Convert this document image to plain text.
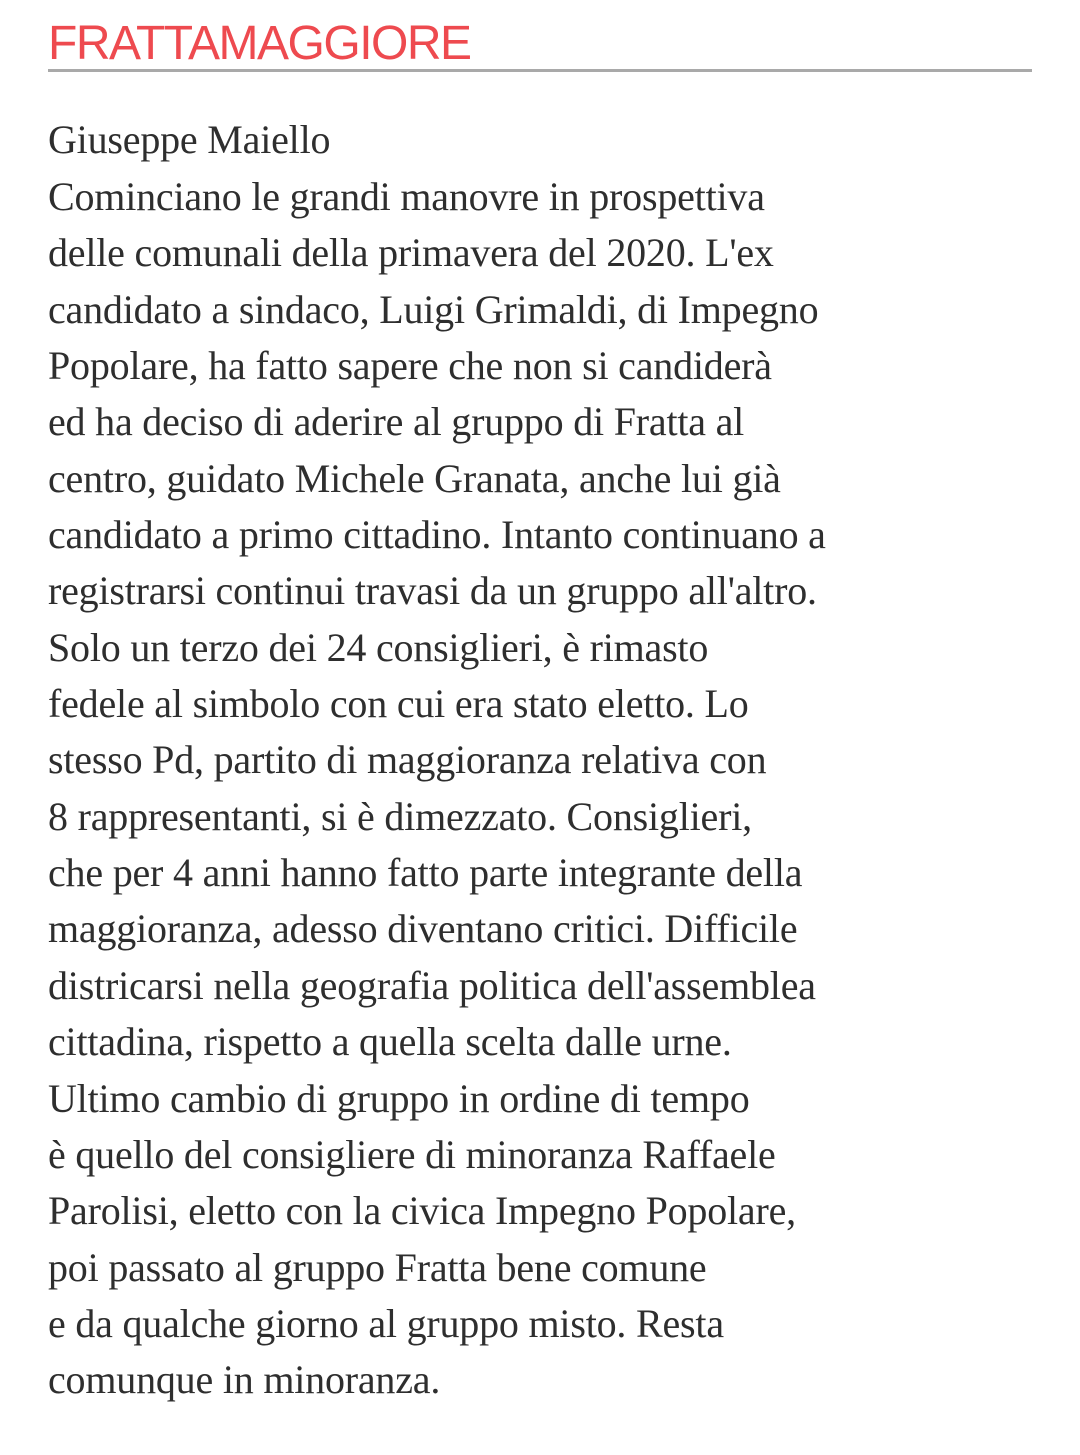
FRATTAMAGGIORE
Giuseppe Maiello
Cominciano le grandi manovre in prospettiva
delle comunali della primavera del 2020. L'ex
candidato a sindaco, Luigi Grimaldi, di Impegno
Popolare, ha fatto sapere che non si candiderà
ed ha deciso di aderire al gruppo di Fratta al
centro, guidato Michele Granata, anche lui già
candidato a primo cittadino. Intanto continuano a
registrarsi continui travasi da un gruppo all'altro.
Solo un terzo dei 24 consiglieri, è rimasto
fedele al simbolo con cui era stato eletto. Lo
stesso Pd, partito di maggioranza relativa con
8 rappresentanti, si è dimezzato. Consiglieri,
che per 4 anni hanno fatto parte integrante della
maggioranza, adesso diventano critici. Difficile
districarsi nella geografia politica dell'assemblea
cittadina, rispetto a quella scelta dalle urne.
Ultimo cambio di gruppo in ordine di tempo
è quello del consigliere di minoranza Raffaele
Parolisi, eletto con la civica Impegno Popolare,
poi passato al gruppo Fratta bene comune
e da qualche giorno al gruppo misto. Resta
comunque in minoranza.
